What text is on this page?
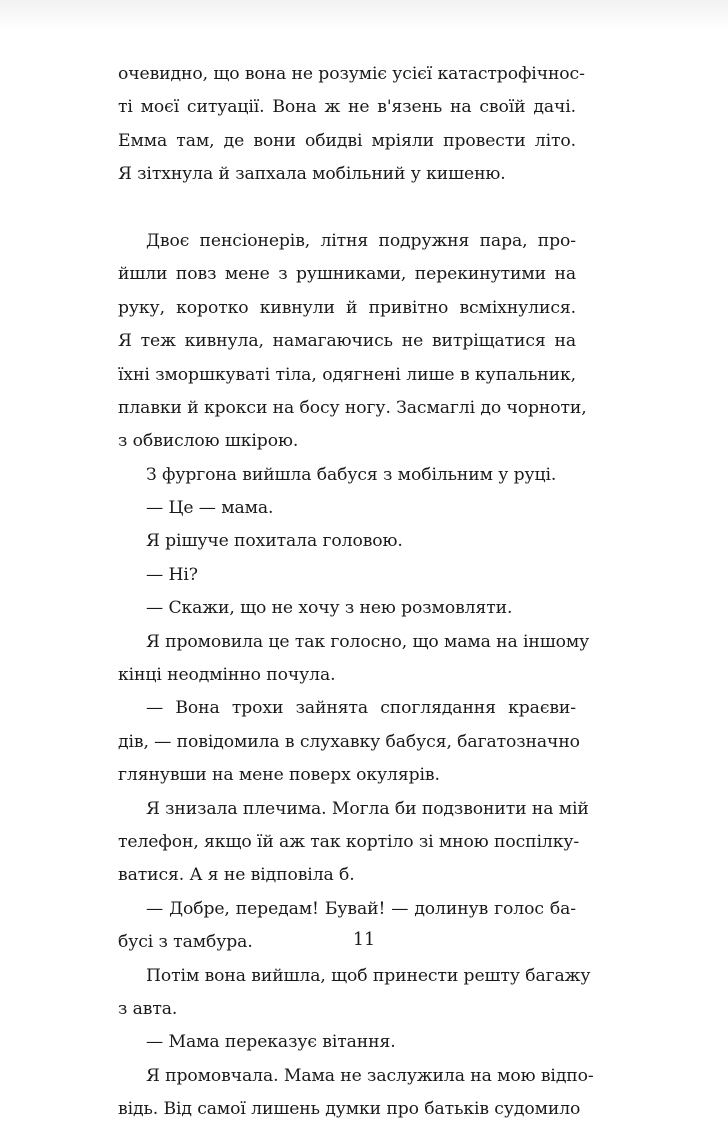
очевидно, що вона не розуміє усієї катастрофічнос-
ті моєї ситуації. Вона ж не в'язень на своїй дачі.
Емма там, де вони обидві мріяли провести літо.
Я зітхнула й запхала мобільний у кишеню.
Двоє пенсіонерів, літня подружня пара, про-
йшли повз мене з рушниками, перекинутими на
руку, коротко кивнули й привітно всміхнулися.
Я теж кивнула, намагаючись не витріщатися на
їхні зморшкуваті тіла, одягнені лише в купальник,
плавки й крокси на босу ногу. Засмаглі до чорноти,
з обвислою шкірою.
З фургона вийшла бабуся з мобільним у руці.
— Це — мама.
Я рішуче похитала головою.
— Ні?
— Скажи, що не хочу з нею розмовляти.
Я промовила це так голосно, що мама на іншому
кінці неодмінно почула.
— Вона трохи зайнята споглядання краєви-
дів, — повідомила в слухавку бабуся, багатозначно
глянувши на мене поверх окулярів.
Я знизала плечима. Могла би подзвонити на мій
телефон, якщо їй аж так кортіло зі мною поспілку-
ватися. А я не відповіла б.
— Добре, передам! Бувай! — долинув голос ба-
бусі з тамбура.
Потім вона вийшла, щоб принести решту багажу
з авта.
— Мама переказує вітання.
Я промовчала. Мама не заслужила на мою відпо-
відь. Від самої лишень думки про батьків судомило
11
